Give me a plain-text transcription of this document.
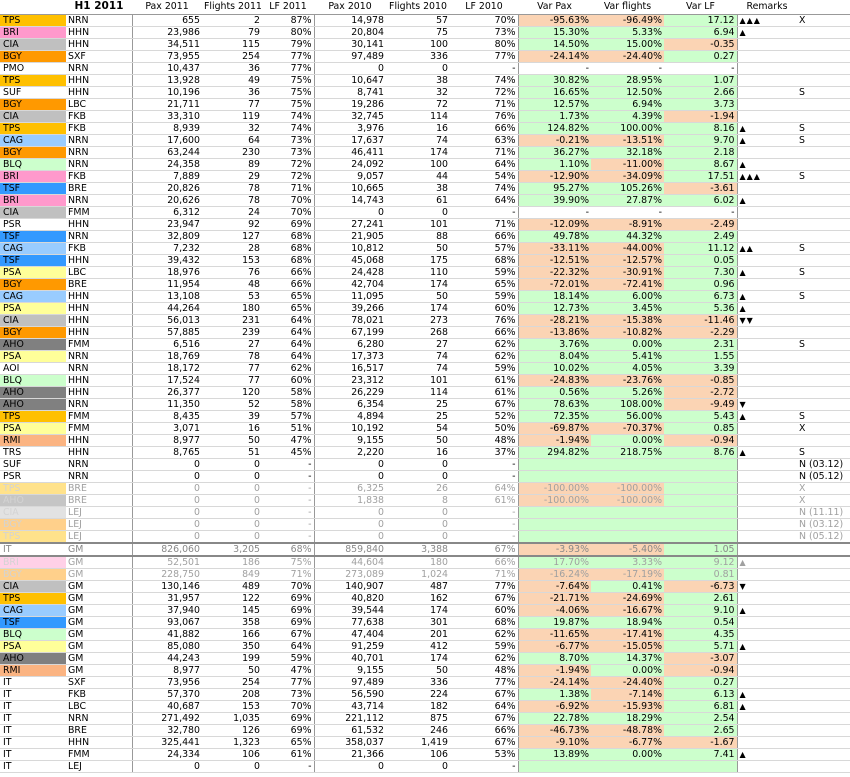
	H1 2011	Pax 2011	Flights 2011	LF 2011	Pax 2010	Flights 2010	LF 2010	Var Pax	Var flights	Var LF	Remarks	
TPS	NRN	655	2	87%	14,978	57	70%	-95.63%	-96.49%	17.12	▲▲▲	X
BRI	HHN	23,986	79	80%	20,804	75	73%	15.30%	5.33%	6.94	▲	
CIA	HHN	34,511	115	79%	30,141	100	80%	14.50%	15.00%	-0.35		
BGY	SXF	73,955	254	77%	97,489	336	77%	-24.14%	-24.40%	0.27		
PMO	NRN	10,437	36	77%	0	0	-	-	-	-		
TPS	HHN	13,928	49	75%	10,647	38	74%	30.82%	28.95%	1.07		
SUF	HHN	10,196	36	75%	8,741	32	72%	16.65%	12.50%	2.66		S
BGY	LBC	21,711	77	75%	19,286	72	71%	12.57%	6.94%	3.73		
CIA	FKB	33,310	119	74%	32,745	114	76%	1.73%	4.39%	-1.94		
TPS	FKB	8,939	32	74%	3,976	16	66%	124.82%	100.00%	8.16	▲	S
CAG	NRN	17,600	64	73%	17,637	74	63%	-0.21%	-13.51%	9.70	▲	S
BGY	NRN	63,244	230	73%	46,411	174	71%	36.27%	32.18%	2.18		
BLQ	NRN	24,358	89	72%	24,092	100	64%	1.10%	-11.00%	8.67	▲	
BRI	FKB	7,889	29	72%	9,057	44	54%	-12.90%	-34.09%	17.51	▲▲▲	S
TSF	BRE	20,826	78	71%	10,665	38	74%	95.27%	105.26%	-3.61		
BRI	NRN	20,626	78	70%	14,743	61	64%	39.90%	27.87%	6.02	▲	
CIA	FMM	6,312	24	70%	0	0	-	-	-	-		
PSR	HHN	23,947	92	69%	27,241	101	71%	-12.09%	-8.91%	-2.49		
TSF	NRN	32,809	127	68%	21,905	88	66%	49.78%	44.32%	2.49		
CAG	FKB	7,232	28	68%	10,812	50	57%	-33.11%	-44.00%	11.12	▲▲	S
TSF	HHN	39,432	153	68%	45,068	175	68%	-12.51%	-12.57%	0.05		
PSA	LBC	18,976	76	66%	24,428	110	59%	-22.32%	-30.91%	7.30	▲	S
BGY	BRE	11,954	48	66%	42,704	174	65%	-72.01%	-72.41%	0.96		
CAG	HHN	13,108	53	65%	11,095	50	59%	18.14%	6.00%	6.73	▲	S
PSA	HHN	44,264	180	65%	39,266	174	60%	12.73%	3.45%	5.36	▲	
CIA	HHN	56,013	231	64%	78,021	273	76%	-28.21%	-15.38%	-11.46	▼▼	
BGY	HHN	57,885	239	64%	67,199	268	66%	-13.86%	-10.82%	-2.29		
AHO	FMM	6,516	27	64%	6,280	27	62%	3.76%	0.00%	2.31		S
PSA	NRN	18,769	78	64%	17,373	74	62%	8.04%	5.41%	1.55		
AOI	NRN	18,172	77	62%	16,517	74	59%	10.02%	4.05%	3.39		
BLQ	HHN	17,524	77	60%	23,312	101	61%	-24.83%	-23.76%	-0.85		
AHO	HHN	26,377	120	58%	26,229	114	61%	0.56%	5.26%	-2.72		
AHO	NRN	11,350	52	58%	6,354	25	67%	78.63%	108.00%	-9.49	▼	
TPS	FMM	8,435	39	57%	4,894	25	52%	72.35%	56.00%	5.43	▲	S
PSA	FMM	3,071	16	51%	10,192	54	50%	-69.87%	-70.37%	0.85		X
RMI	HHN	8,977	50	47%	9,155	50	48%	-1.94%	0.00%	-0.94		
TRS	HHN	8,765	51	45%	2,220	16	37%	294.82%	218.75%	8.76	▲	S
SUF	NRN	0	0	-	0	0	-					N (03.12)
PSR	NRN	0	0	-	0	0	-					N (05.12)
TPS	BRE	0	0	-	6,325	26	64%	-100.00%	-100.00%			X
AHO	BRE	0	0	-	1,838	8	61%	-100.00%	-100.00%			X
CIA	LEJ	0	0	-	0	0	-					N (11.11)
BGY	LEJ	0	0	-	0	0	-					N (03.12)
TPS	LEJ	0	0	-	0	0	-					N (05.12)
IT	GM	826,060	3,205	68%	859,840	3,388	67%	-3.93%	-5.40%	1.05		
BRI	GM	52,501	186	75%	44,604	180	66%	17.70%	3.33%	9.12	▲	
BGY	GM	228,750	849	71%	273,089	1,024	71%	-16.24%	-17.19%	0.81		
CIA	GM	130,146	489	70%	140,907	487	77%	-7.64%	0.41%	-6.73	▼	
TPS	GM	31,957	122	69%	40,820	162	67%	-21.71%	-24.69%	2.61		
CAG	GM	37,940	145	69%	39,544	174	60%	-4.06%	-16.67%	9.10	▲	
TSF	GM	93,067	358	69%	77,638	301	68%	19.87%	18.94%	0.54		
BLQ	GM	41,882	166	67%	47,404	201	62%	-11.65%	-17.41%	4.35		
PSA	GM	85,080	350	64%	91,259	412	59%	-6.77%	-15.05%	5.71	▲	
AHO	GM	44,243	199	59%	40,701	174	62%	8.70%	14.37%	-3.07		
RMI	GM	8,977	50	47%	9,155	50	48%	-1.94%	0.00%	-0.94		
IT	SXF	73,956	254	77%	97,489	336	77%	-24.14%	-24.40%	0.27		
IT	FKB	57,370	208	73%	56,590	224	67%	1.38%	-7.14%	6.13	▲	
IT	LBC	40,687	153	70%	43,714	182	64%	-6.92%	-15.93%	6.81	▲	
IT	NRN	271,492	1,035	69%	221,112	875	67%	22.78%	18.29%	2.54		
IT	BRE	32,780	126	69%	61,532	246	66%	-46.73%	-48.78%	2.65		
IT	HHN	325,441	1,323	65%	358,037	1,419	67%	-9.10%	-6.77%	-1.67		
IT	FMM	24,334	106	61%	21,366	106	53%	13.89%	0.00%	7.41	▲	
IT	LEJ	0	0	-	0	0	-					
